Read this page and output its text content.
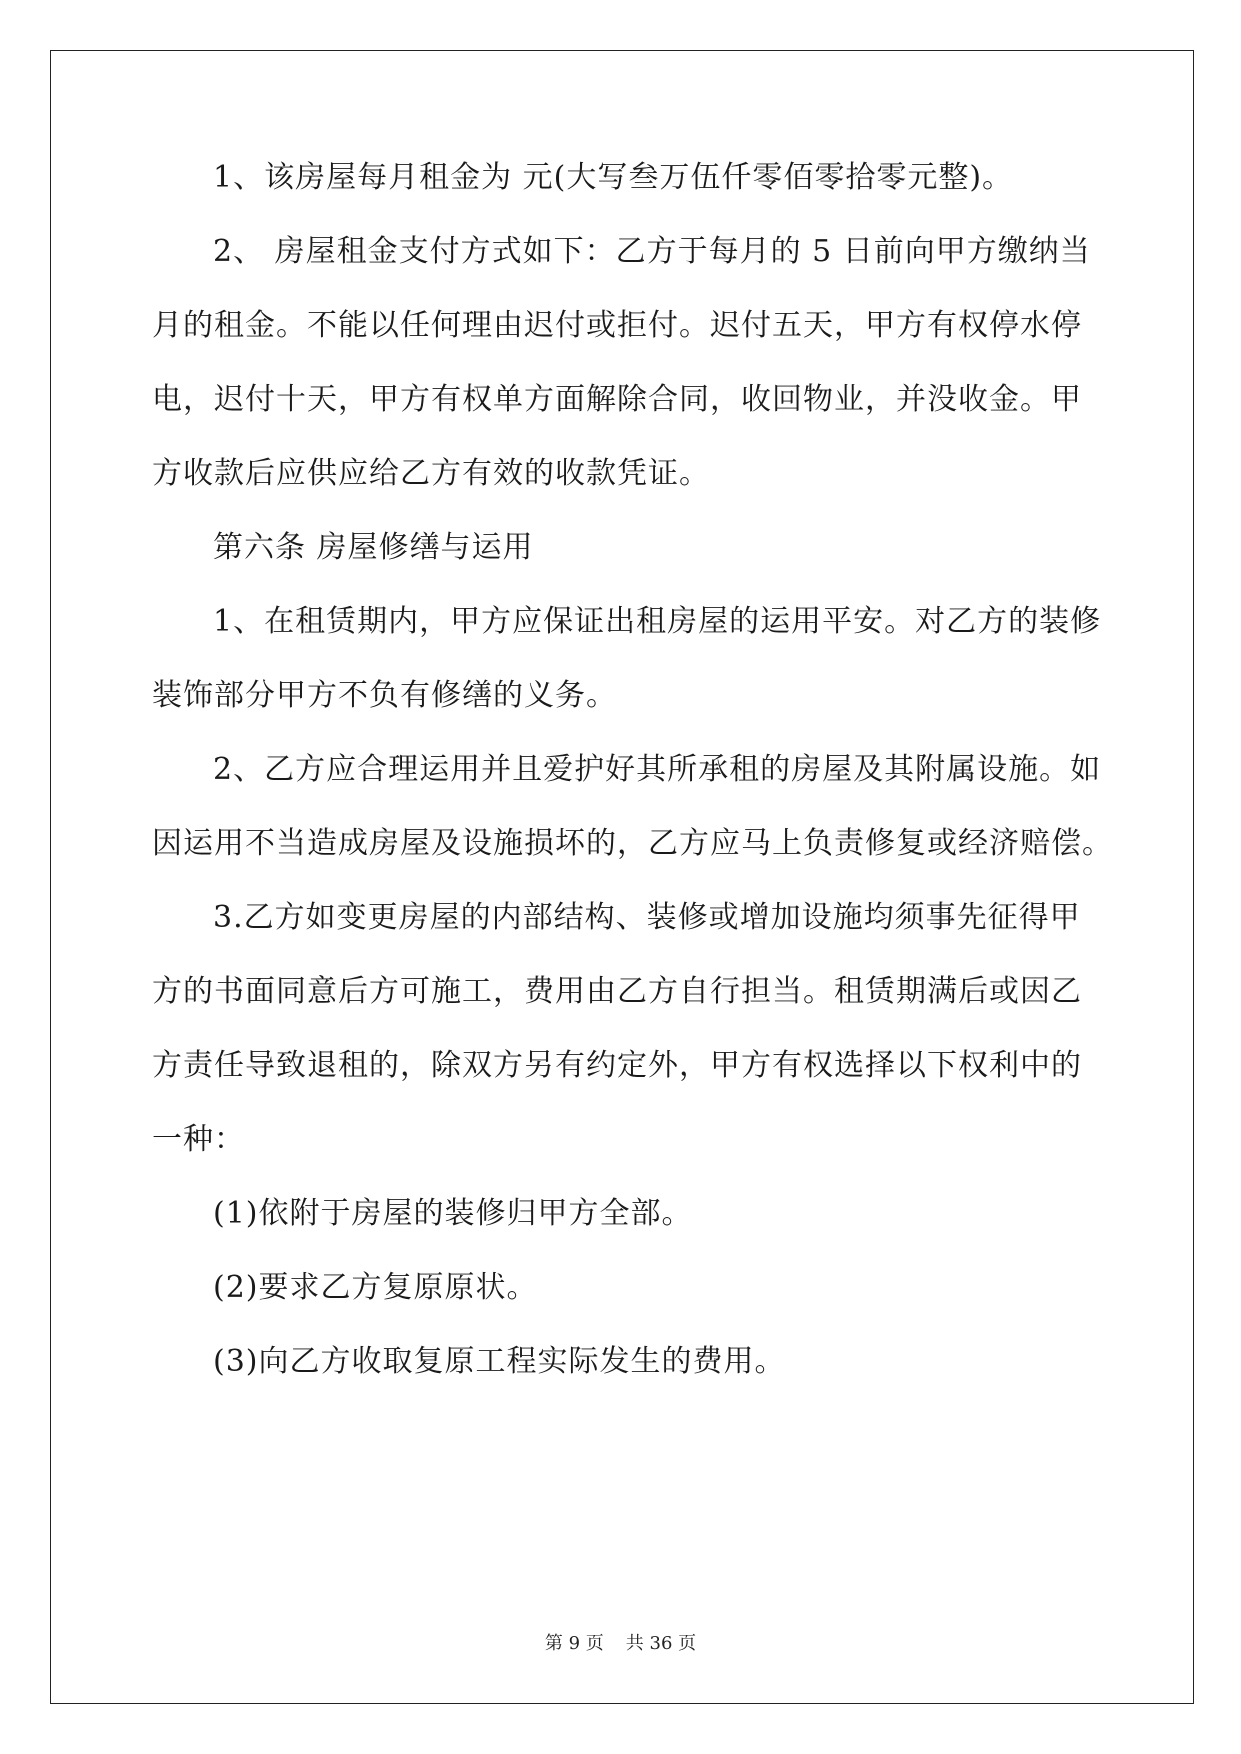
1、该房屋每月租金为 元(大写叁万伍仟零佰零拾零元整)。
2、 房屋租金支付方式如下：乙方于每月的 5 日前向甲方缴纳当
月的租金。不能以任何理由迟付或拒付。迟付五天，甲方有权停水停
电，迟付十天，甲方有权单方面解除合同，收回物业，并没收金。甲
方收款后应供应给乙方有效的收款凭证。
第六条 房屋修缮与运用
1、在租赁期内，甲方应保证出租房屋的运用平安。对乙方的装修
装饰部分甲方不负有修缮的义务。
2、乙方应合理运用并且爱护好其所承租的房屋及其附属设施。如
因运用不当造成房屋及设施损坏的，乙方应马上负责修复或经济赔偿。
3.乙方如变更房屋的内部结构、装修或增加设施均须事先征得甲
方的书面同意后方可施工，费用由乙方自行担当。租赁期满后或因乙
方责任导致退租的，除双方另有约定外，甲方有权选择以下权利中的
一种：
(1)依附于房屋的装修归甲方全部。
(2)要求乙方复原原状。
(3)向乙方收取复原工程实际发生的费用。
第 9 页 共 36 页
